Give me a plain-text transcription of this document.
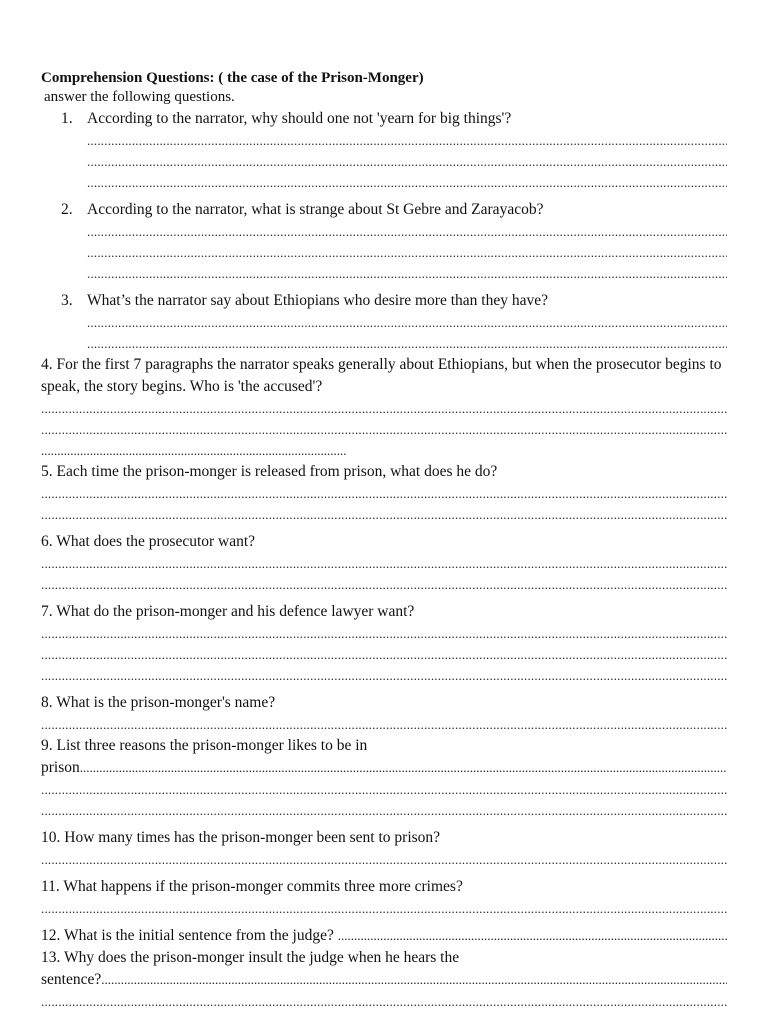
Comprehension Questions: ( the case of the Prison-Monger)
answer the following questions.
1. According to the narrator, why should one not 'yearn for big things'?
.....
.....
.....
2. According to the narrator, what is strange about St Gebre and Zarayacob?
.....
.....
.....
3. What’s the narrator say about Ethiopians who desire more than they have?
.....
.....
4. For the first 7 paragraphs the narrator speaks generally about Ethiopians, but when the prosecutor begins to speak, the story begins. Who is 'the accused'?
.....
.....
..............................................................................................
5. Each time the prison-monger is released from prison, what does he do?
.....
.....
6. What does the prosecutor want?
.....
.....
7. What do the prison-monger and his defence lawyer want?
.....
.....
.....
8. What is the prison-monger's name?
.....
9. List three reasons the prison-monger likes to be in
prison .....
.....
.....
10. How many times has the prison-monger been sent to prison?
.....
11. What happens if the prison-monger commits three more crimes?
.....
12. What is the initial sentence from the judge? .....
13. Why does the prison-monger insult the judge when he hears the
sentence? .....
.....
